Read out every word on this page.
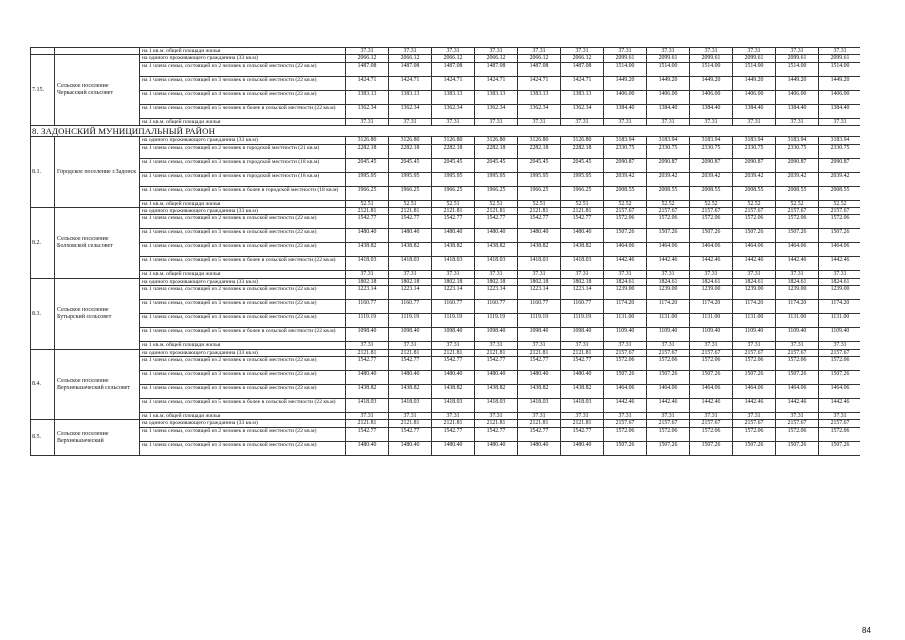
		на 1 кв.м. общей площади жилья	37.31	37.31	37.31	37.31	37.31	37.31	37.31	37.31	37.31	37.31	37.31	37.31
7.15.	Сельское поселение Черкасский сельсовет	на одиного проживающего гражданина (33 кв.м)	2066.12	2066.12	2066.12	2066.12	2066.12	2066.12	2099.61	2099.61	2099.61	2099.61	2099.61	2099.61
		на 1 члена семьи, состоящей из 2 человек в сельской местности (22 кв.м)	1487.08	1487.08	1487.08	1487.08	1487.08	1487.08	1514.00	1514.00	1514.00	1514.00	1514.00	1514.00
		на 1 члена семьи, состоящей из 3 человек в сельской местности (22 кв.м)	1424.71	1424.71	1424.71	1424.71	1424.71	1424.71	1449.20	1449.20	1449.20	1449.20	1449.20	1449.20
		на 1 члена семьи, состоящей из 4 человек в сельской местности (22 кв.м)	1383.13	1383.13	1383.13	1383.13	1383.13	1383.13	1406.00	1406.00	1406.00	1406.00	1406.00	1406.00
		на 1 члена семьи, состоящей из 5 человек и более в сельской местности (22 кв.м)	1362.34	1362.34	1362.34	1362.34	1362.34	1362.34	1384.40	1384.40	1384.40	1384.40	1384.40	1384.40
		на 1 кв.м. общей площади жилья	37.31	37.31	37.31	37.31	37.31	37.31	37.31	37.31	37.31	37.31	37.31	37.31
8. ЗАДОНСКИЙ МУНИЦИПАЛЬНЫЙ РАЙОН														
8.1.	Городское поселение г.Задонск	на одиного проживающего гражданина (33 кв.м)	3126.80	3126.80	3126.80	3126.80	3126.80	3126.80	3183.94	3183.94	3183.94	3183.94	3183.94	3183.94
		на 1 члена семьи, состоящей из 2 человек в городской местности (21 кв.м)	2282.18	2282.18	2282.18	2282.18	2282.18	2282.18	2330.75	2330.75	2330.75	2330.75	2330.75	2330.75
		на 1 члена семьи, состоящей из 3 человек в городской местности (18 кв.м)	2045.45	2045.45	2045.45	2045.45	2045.45	2045.45	2090.87	2090.87	2090.87	2090.87	2090.87	2090.87
		на 1 члена семьи, состоящей из 4 человек в городской местности (18 кв.м)	1995.95	1995.95	1995.95	1995.95	1995.95	1995.95	2039.42	2039.42	2039.42	2039.42	2039.42	2039.42
		на 1 члена семьи, состоящей из 5 человек и более в городской местности (18 кв.м)	1966.25	1966.25	1966.25	1966.25	1966.25	1966.25	2008.55	2008.55	2008.55	2008.55	2008.55	2008.55
		на 1 кв.м. общей площади жилья	52.51	52.51	52.51	52.51	52.51	52.51	52.52	52.52	52.52	52.52	52.52	52.52
8.2.	Сельское поселение Болховской сельсовет	на одиного проживающего гражданина (33 кв.м)	2121.81	2121.81	2121.81	2121.81	2121.81	2121.81	2157.67	2157.67	2157.67	2157.67	2157.67	2157.67
		на 1 члена семьи, состоящей из 2 человек в сельской местности (22 кв.м)	1542.77	1542.77	1542.77	1542.77	1542.77	1542.77	1572.06	1572.06	1572.06	1572.06	1572.06	1572.06
		на 1 члена семьи, состоящей из 3 человек в сельской местности (22 кв.м)	1480.40	1480.40	1480.40	1480.40	1480.40	1480.40	1507.26	1507.26	1507.26	1507.26	1507.26	1507.26
		на 1 члена семьи, состоящей из 4 человек в сельской местности (22 кв.м)	1438.82	1438.82	1438.82	1438.82	1438.82	1438.82	1464.06	1464.06	1464.06	1464.06	1464.06	1464.06
		на 1 члена семьи, состоящей из 5 человек и более в сельской местности (22 кв.м)	1418.03	1418.03	1418.03	1418.03	1418.03	1418.03	1442.46	1442.46	1442.46	1442.46	1442.46	1442.46
		на 1 кв.м. общей площади жилья	37.31	37.31	37.31	37.31	37.31	37.31	37.31	37.31	37.31	37.31	37.31	37.31
8.3.	Сельское поселение Бутырский сельсовет	на одиного проживающего гражданина (33 кв.м)	1802.18	1802.18	1802.18	1802.18	1802.18	1802.18	1824.61	1824.61	1824.61	1824.61	1824.61	1824.61
		на 1 члена семьи, состоящей из 2 человек в сельской местности (22 кв.м)	1223.14	1223.14	1223.14	1223.14	1223.14	1223.14	1239.00	1239.00	1239.00	1239.00	1239.00	1239.00
		на 1 члена семьи, состоящей из 3 человек в сельской местности (22 кв.м)	1160.77	1160.77	1160.77	1160.77	1160.77	1160.77	1174.20	1174.20	1174.20	1174.20	1174.20	1174.20
		на 1 члена семьи, состоящей из 4 человек в сельской местности (22 кв.м)	1119.19	1119.19	1119.19	1119.19	1119.19	1119.19	1131.00	1131.00	1131.00	1131.00	1131.00	1131.00
		на 1 члена семьи, состоящей из 5 человек и более в сельской местности (22 кв.м)	1098.40	1098.40	1098.40	1098.40	1098.40	1098.40	1109.40	1109.40	1109.40	1109.40	1109.40	1109.40
		на 1 кв.м. общей площади жилья	37.31	37.31	37.31	37.31	37.31	37.31	37.31	37.31	37.31	37.31	37.31	37.31
8.4.	Сельское поселение Верхнеказаческий сельсовет	на одиного проживающего гражданина (33 кв.м)	2121.81	2121.81	2121.81	2121.81	2121.81	2121.81	2157.67	2157.67	2157.67	2157.67	2157.67	2157.67
		на 1 члена семьи, состоящей из 2 человек в сельской местности (22 кв.м)	1542.77	1542.77	1542.77	1542.77	1542.77	1542.77	1572.06	1572.06	1572.06	1572.06	1572.06	1572.06
		на 1 члена семьи, состоящей из 3 человек в сельской местности (22 кв.м)	1480.40	1480.40	1480.40	1480.40	1480.40	1480.40	1507.26	1507.26	1507.26	1507.26	1507.26	1507.26
		на 1 члена семьи, состоящей из 4 человек в сельской местности (22 кв.м)	1438.82	1438.82	1438.82	1438.82	1438.82	1438.82	1464.06	1464.06	1464.06	1464.06	1464.06	1464.06
		на 1 члена семьи, состоящей из 5 человек и более в сельской местности (22 кв.м)	1418.03	1418.03	1418.03	1418.03	1418.03	1418.03	1442.46	1442.46	1442.46	1442.46	1442.46	1442.46
		на 1 кв.м. общей площади жилья	37.31	37.31	37.31	37.31	37.31	37.31	37.31	37.31	37.31	37.31	37.31	37.31
8.5.	Сельское поселение Верхнеказаческий	на одиного проживающего гражданина (33 кв.м)	2121.81	2121.81	2121.81	2121.81	2121.81	2121.81	2157.67	2157.67	2157.67	2157.67	2157.67	2157.67
		на 1 члена семьи, состоящей из 2 человек в сельской местности (22 кв.м)	1542.77	1542.77	1542.77	1542.77	1542.77	1542.77	1572.06	1572.06	1572.06	1572.06	1572.06	1572.06
		на 1 члена семьи, состоящей из 3 человек в сельской местности (22 кв.м)	1480.40	1480.40	1480.40	1480.40	1480.40	1480.40	1507.26	1507.26	1507.26	1507.26	1507.26	1507.26
84
